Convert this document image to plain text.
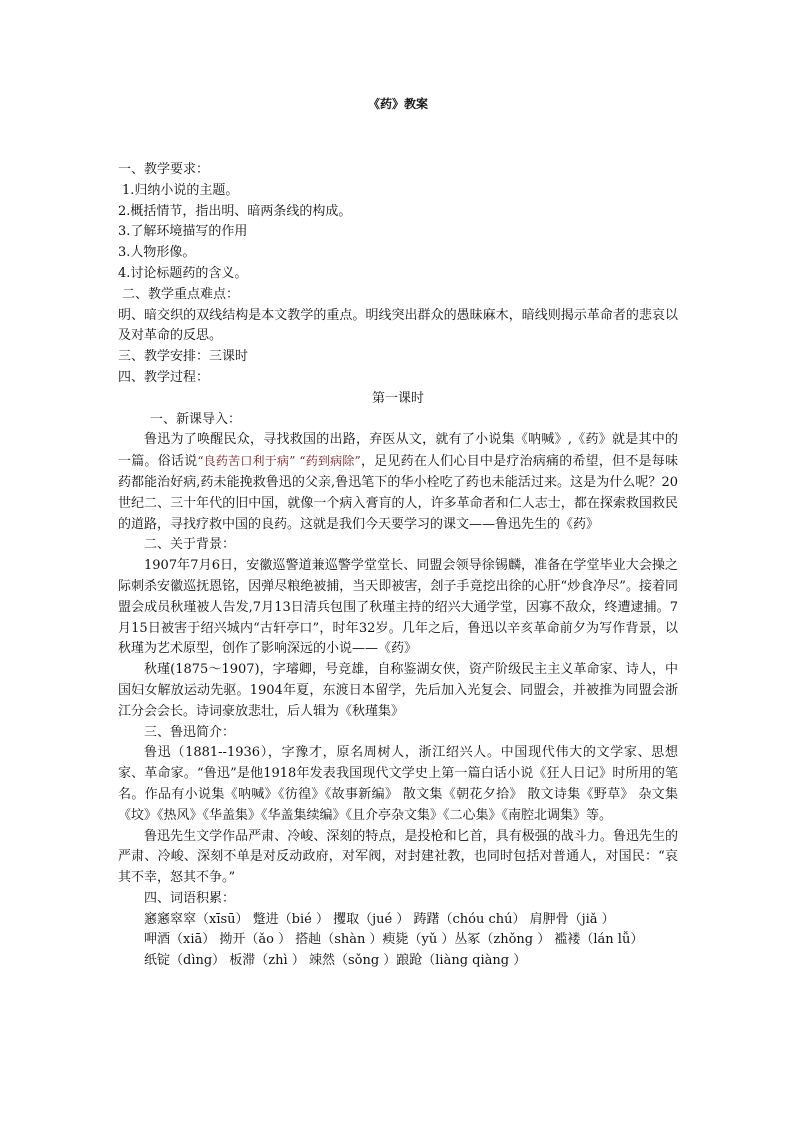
《药》教案
一、教学要求：
1.归纳小说的主题。
2.概括情节，指出明、暗两条线的构成。
3.了解环境描写的作用
3.人物形像。
4.讨论标题药的含义。
二、教学重点难点：
明、暗交织的双线结构是本文教学的重点。明线突出群众的愚昧麻木，暗线则揭示革命者的悲哀以及对革命的反思。
三、教学安排：三课时
四、教学过程：
第一课时
一、新课导入：
鲁迅为了唤醒民众，寻找救国的出路，弃医从文，就有了小说集《呐喊》,《药》就是其中的一篇。俗话说“良药苦口利于病” “药到病除”，足见药在人们心目中是疗治病痛的希望，但不是每味药都能治好病,药未能挽救鲁迅的父亲,鲁迅笔下的华小栓吃了药也未能活过来。这是为什么呢？20世纪二、三十年代的旧中国，就像一个病入膏肓的人，许多革命者和仁人志士，都在探索救国救民的道路，寻找疗救中国的良药。这就是我们今天要学习的课文——鲁迅先生的《药》
二、关于背景：
1907年7月6日，安徽巡警道兼巡警学堂堂长、同盟会领导徐锡麟，准备在学堂毕业大会操之际刺杀安徽巡抚恩铭，因弹尽粮绝被捕，当天即被害，刽子手竟挖出徐的心肝“炒食净尽”。接着同盟会成员秋瑾被人告发,7月13日清兵包围了秋瑾主持的绍兴大通学堂，因寡不敌众，终遭逮捕。7月15日被害于绍兴城内“古轩亭口”，时年32岁。几年之后，鲁迅以辛亥革命前夕为写作背景，以秋瑾为艺术原型，创作了影响深远的小说——《药》
秋瑾(1875～1907)，字璿卿，号竞雄，自称鉴湖女侠，资产阶级民主主义革命家、诗人，中国妇女解放运动先驱。1904年夏，东渡日本留学，先后加入光复会、同盟会，并被推为同盟会浙江分会会长。诗词豪放悲壮，后人辑为《秋瑾集》
三、鲁迅简介：
鲁迅（1881--1936），字豫才，原名周树人，浙江绍兴人。中国现代伟大的文学家、思想家、革命家。“鲁迅”是他1918年发表我国现代文学史上第一篇白话小说《狂人日记》时所用的笔名。作品有小说集《呐喊》《彷徨》《故事新编》 散文集《朝花夕拾》 散文诗集《野草》 杂文集《坟》《热风》《华盖集》《华盖集续编》《且介亭杂文集》《二心集》《南腔北调集》等。
鲁迅先生文学作品严肃、冷峻、深刻的特点，是投枪和匕首，具有极强的战斗力。鲁迅先生的严肃、冷峻、深刻不单是对反动政府，对军阀，对封建社教，也同时包括对普通人，对国民：“哀其不幸，怒其不争。”
四、词语积累：
窸窸窣窣（xīsū） 蹩进（bié ） 攫取（jué ） 踌躇（chóu chú） 肩胛骨（jiǎ ）
呷酒（xiā） 拗开（ǎo ） 搭赸（shàn ）瘐毙（yǔ ）丛冢（zhǒng ） 褴褛（lán lǚ）
纸锭（dìng） 板滞（zhì ） 竦然（sǒng ）踉跄（liàng qiàng ）
